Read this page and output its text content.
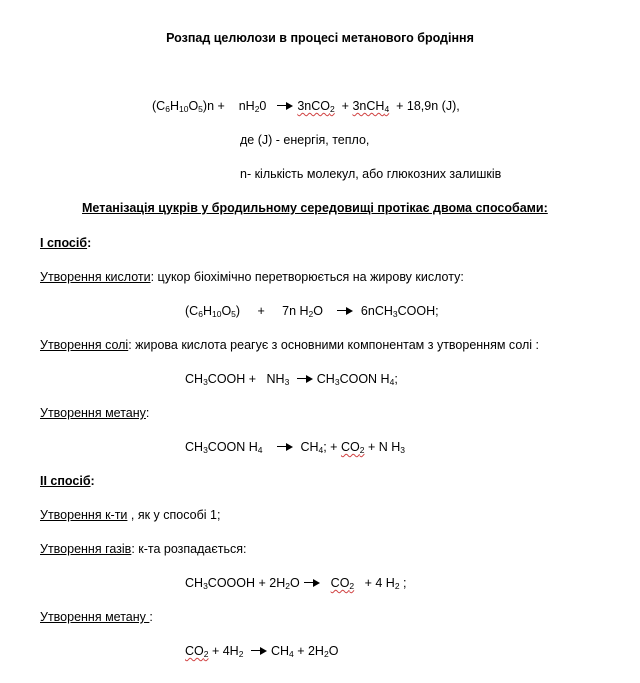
Розпад целюлози в процесі метанового бродіння
$(C_6H_{10}O_5)n + nH_20$ 3nCO$_2$ + 3nCH$_4$ + 18,9n (J),
де (J) - енергія, тепло,
n- кількість молекул, або глюкозних залишків
Метанізація цукрів у бродильному середовищі протікає двома способами:
I спосіб:
Утворення кислоти: цукор біохімічно перетворюється на жирову кислоту:
$(C_6H_{10}O_5) + 7n$ $H_2O$	6nCH$_3$COOH;
Утворення солі: жирова кислота реагує з основними компонентам з утворенням солі :
$CH_3COOH + NH_3$ $CH_3COON$ $H_4$;
Утворення метану:
$CH_3COON$ $H_4$	$CH_4$; + $CO_2 + N$ $H_3$
II спосіб:
Утворення к-ти , як у способі 1;
Утворення газів: к-та розпадається:
$CH_3COOOH + 2H_2O$ $CO_2 + 4$ $H_2$ ;
Утворення метану :
$CO_2 + 4H_2$ $CH_4 + 2H_2O$
